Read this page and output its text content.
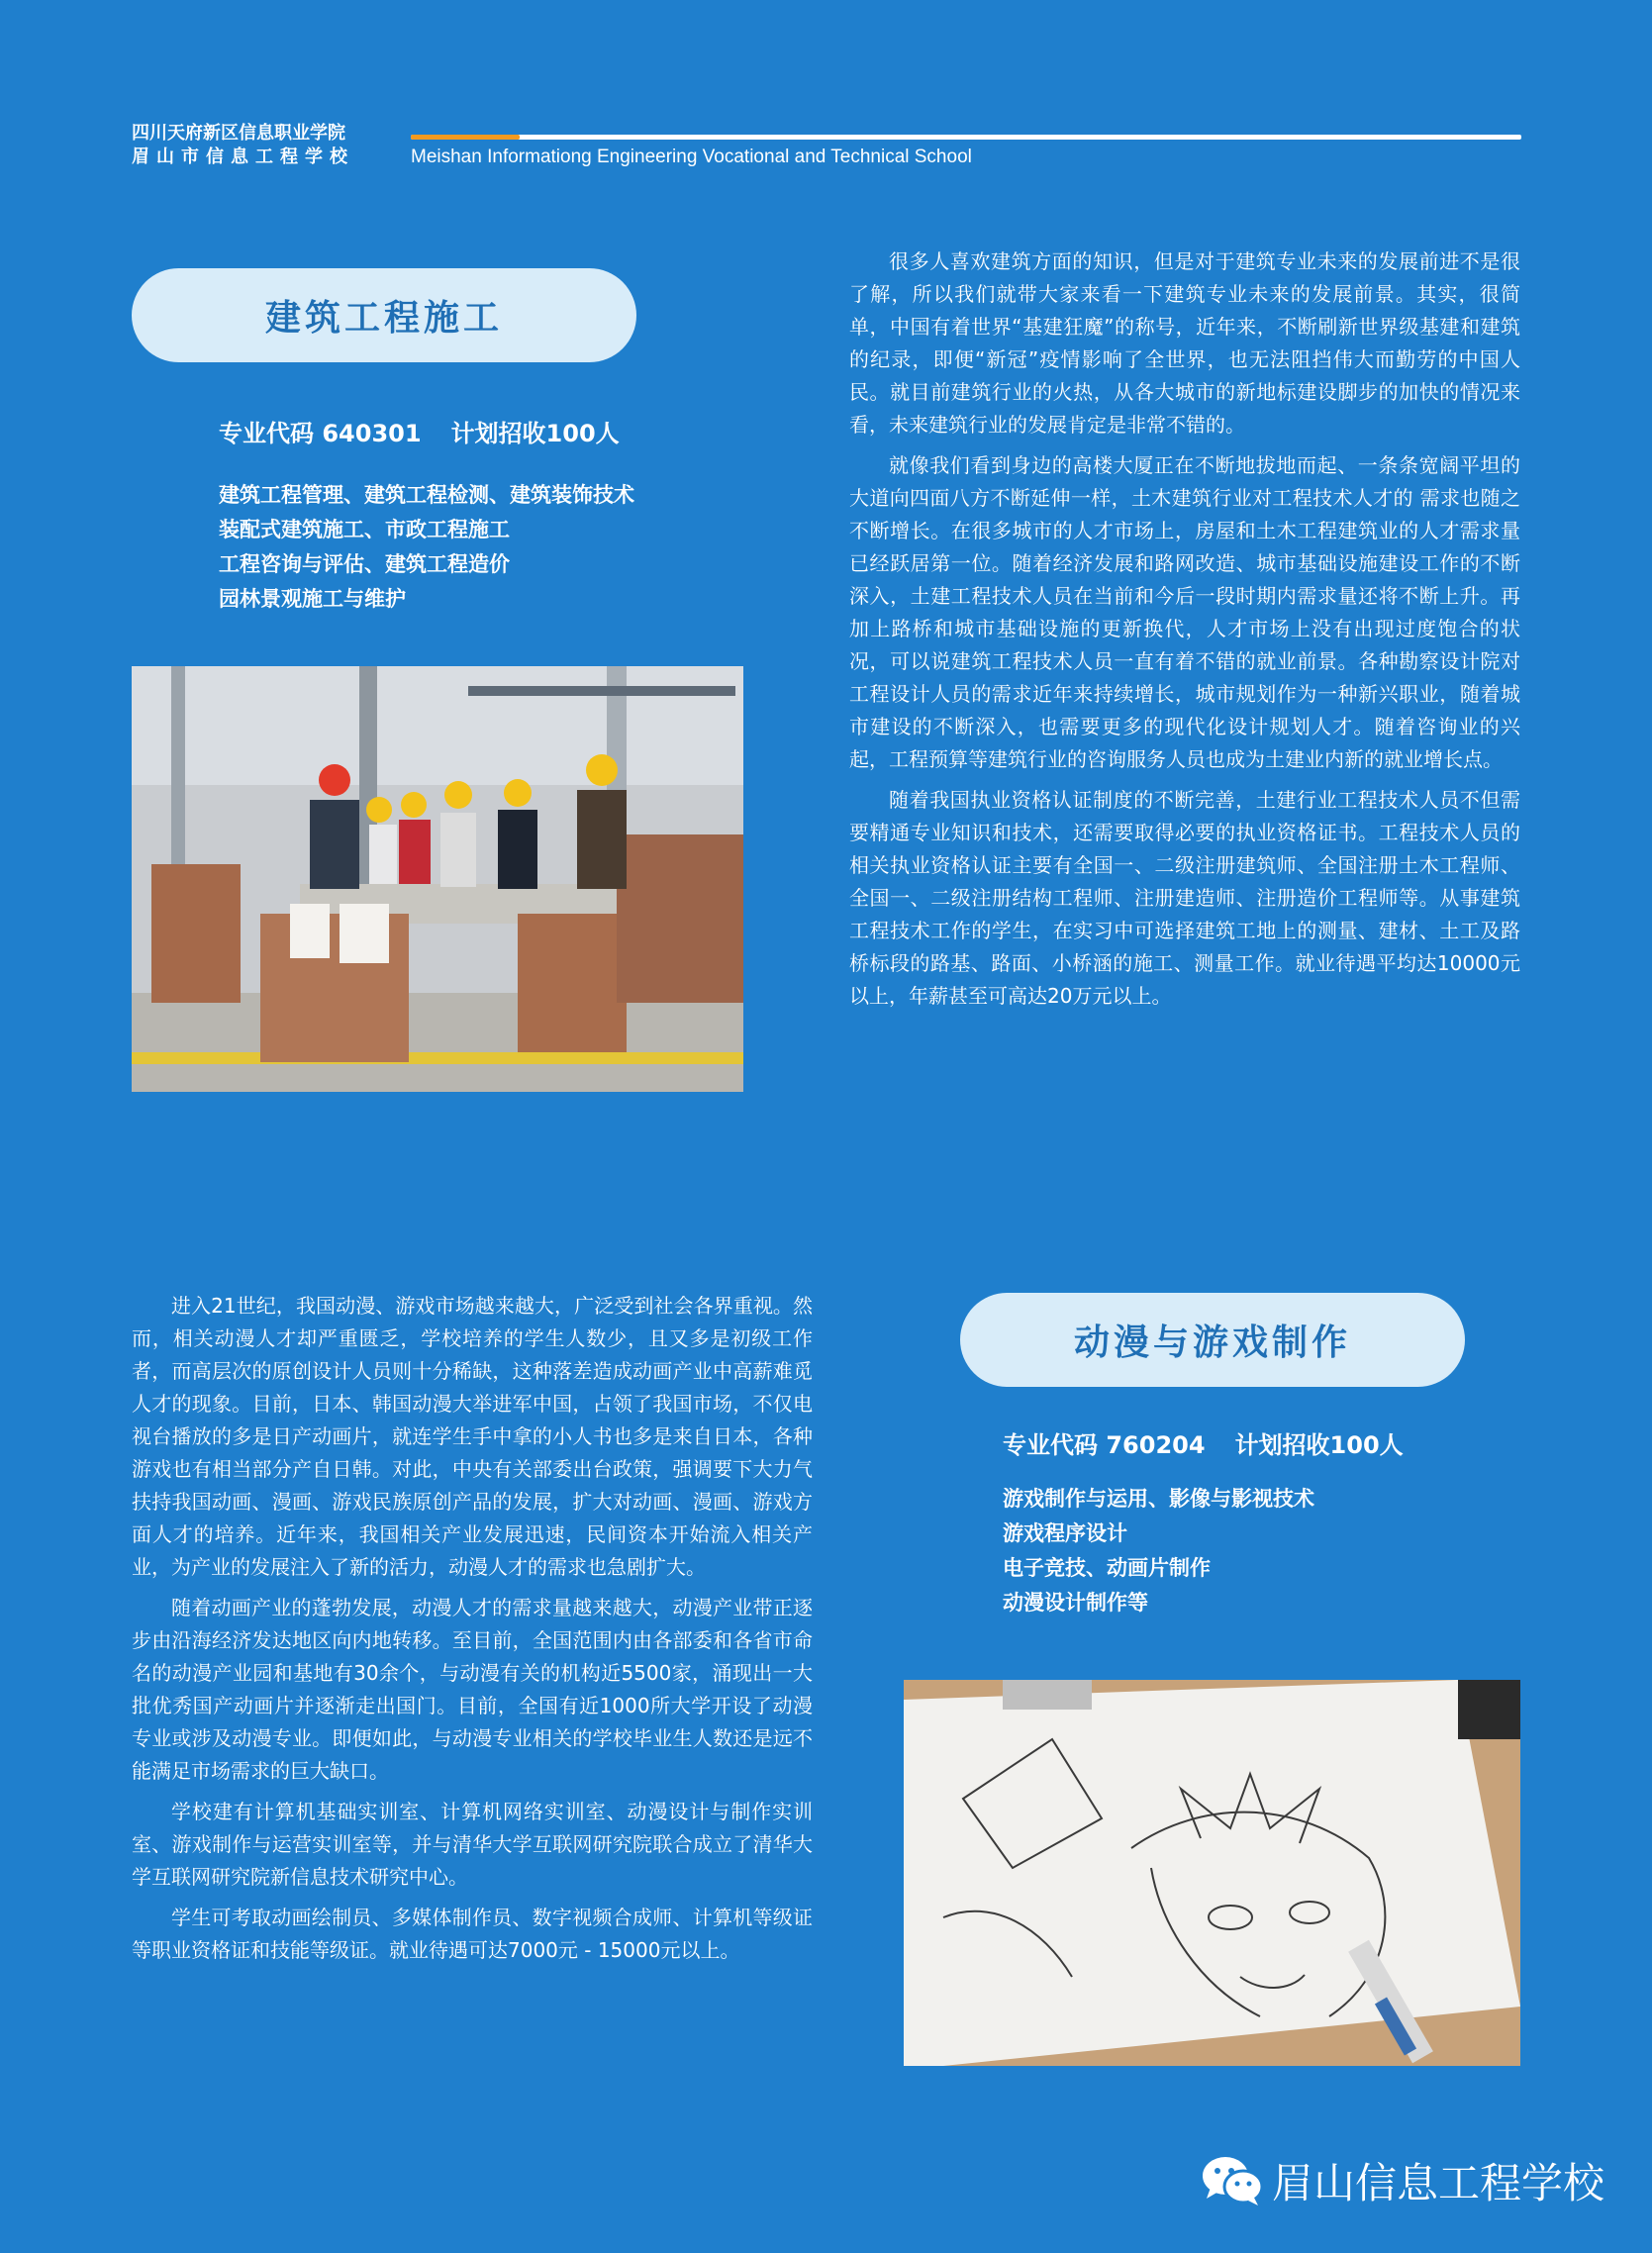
四川天府新区信息职业学院
眉山市信息工程学校	Meishan Informationg Engineering Vocational and Technical School
建筑工程施工
专业代码 640301 计划招收100人
建筑工程管理、建筑工程检测、建筑装饰技术
装配式建筑施工、市政工程施工
工程咨询与评估、建筑工程造价
园林景观施工与维护

很多人喜欢建筑方面的知识，但是对于建筑专业未来的发展前进不是很了解，所以我们就带大家来看一下建筑专业未来的发展前景。其实，很简单，中国有着世界“基建狂魔”的称号，近年来，不断刷新世界级基建和建筑的纪录，即便“新冠”疫情影响了全世界，也无法阻挡伟大而勤劳的中国人民。就目前建筑行业的火热，从各大城市的新地标建设脚步的加快的情况来看，未来建筑行业的发展肯定是非常不错的。

就像我们看到身边的高楼大厦正在不断地拔地而起、一条条宽阔平坦的大道向四面八方不断延伸一样，土木建筑行业对工程技术人才的 需求也随之不断增长。在很多城市的人才市场上，房屋和土木工程建筑业的人才需求量已经跃居第一位。随着经济发展和路网改造、城市基础设施建设工作的不断深入，土建工程技术人员在当前和今后一段时期内需求量还将不断上升。再加上路桥和城市基础设施的更新换代，人才市场上没有出现过度饱合的状况，可以说建筑工程技术人员一直有着不错的就业前景。各种勘察设计院对工程设计人员的需求近年来持续增长，城市规划作为一种新兴职业，随着城市建设的不断深入，也需要更多的现代化设计规划人才。随着咨询业的兴起，工程预算等建筑行业的咨询服务人员也成为土建业内新的就业增长点。

随着我国执业资格认证制度的不断完善，土建行业工程技术人员不但需要精通专业知识和技术，还需要取得必要的执业资格证书。工程技术人员的相关执业资格认证主要有全国一、二级注册建筑师、全国注册土木工程师、全国一、二级注册结构工程师、注册建造师、注册造价工程师等。从事建筑工程技术工作的学生，在实习中可选择建筑工地上的测量、建材、土工及路桥标段的路基、路面、小桥涵的施工、测量工作。就业待遇平均达10000元以上，年薪甚至可高达20万元以上。

进入21世纪，我国动漫、游戏市场越来越大，广泛受到社会各界重视。然而，相关动漫人才却严重匮乏，学校培养的学生人数少，且又多是初级工作者，而高层次的原创设计人员则十分稀缺，这种落差造成动画产业中高薪难觅人才的现象。目前，日本、韩国动漫大举进军中国，占领了我国市场，不仅电视台播放的多是日产动画片，就连学生手中拿的小人书也多是来自日本，各种游戏也有相当部分产自日韩。对此，中央有关部委出台政策，强调要下大力气扶持我国动画、漫画、游戏民族原创产品的发展，扩大对动画、漫画、游戏方面人才的培养。近年来，我国相关产业发展迅速，民间资本开始流入相关产业，为产业的发展注入了新的活力，动漫人才的需求也急剧扩大。

随着动画产业的蓬勃发展，动漫人才的需求量越来越大，动漫产业带正逐步由沿海经济发达地区向内地转移。至目前，全国范围内由各部委和各省市命名的动漫产业园和基地有30余个，与动漫有关的机构近5500家，涌现出一大批优秀国产动画片并逐渐走出国门。目前，全国有近1000所大学开设了动漫专业或涉及动漫专业。即便如此，与动漫专业相关的学校毕业生人数还是远不能满足市场需求的巨大缺口。

学校建有计算机基础实训室、计算机网络实训室、动漫设计与制作实训室、游戏制作与运营实训室等，并与清华大学互联网研究院联合成立了清华大学互联网研究院新信息技术研究中心。

学生可考取动画绘制员、多媒体制作员、数字视频合成师、计算机等级证等职业资格证和技能等级证。就业待遇可达7000元 - 15000元以上。

动漫与游戏制作
专业代码 760204 计划招收100人
游戏制作与运用、影像与影视技术
游戏程序设计
电子竞技、动画片制作
动漫设计制作等
眉山信息工程学校
